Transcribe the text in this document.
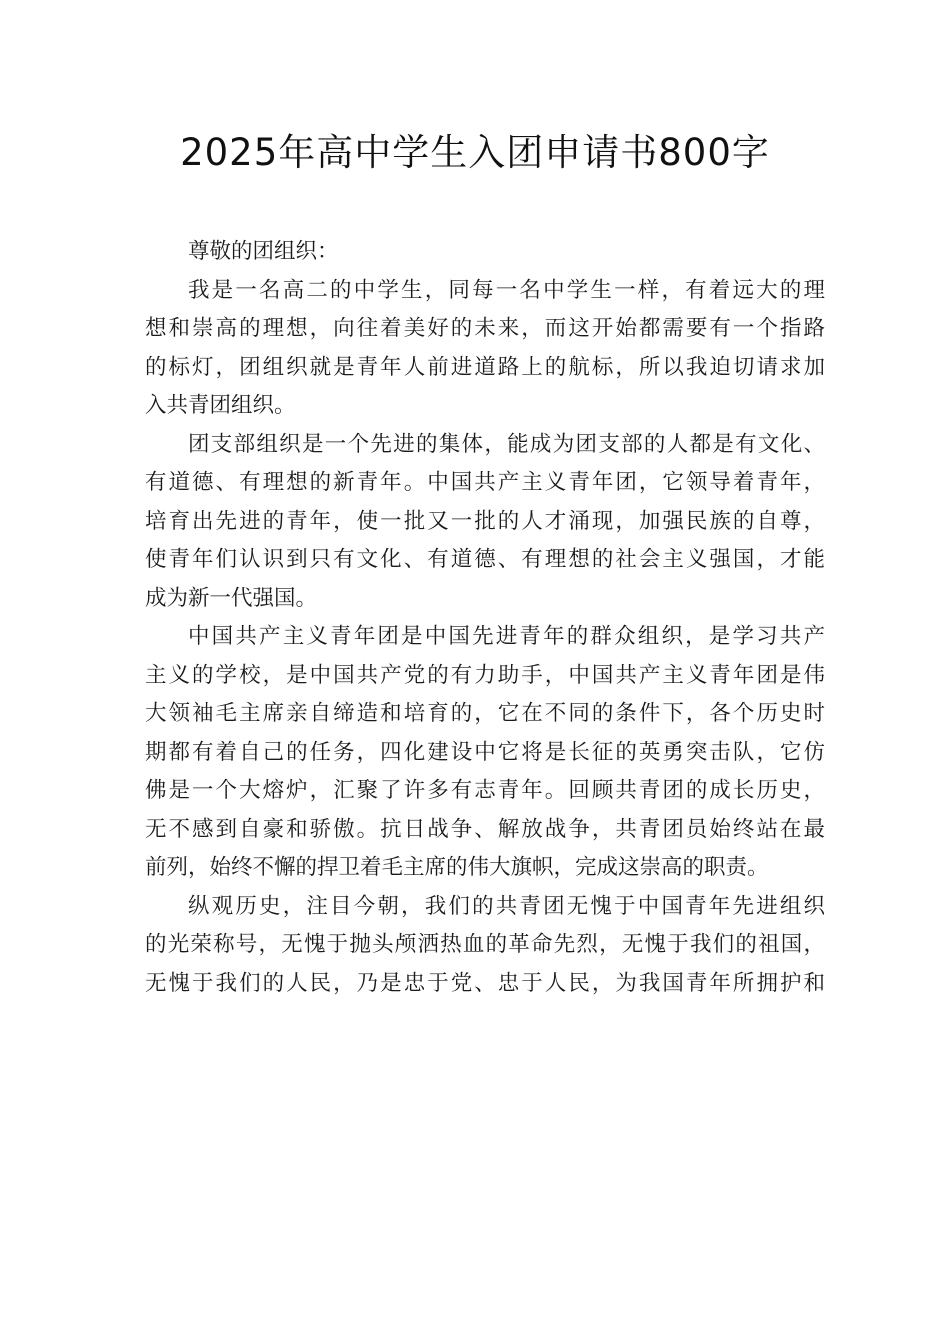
2025年高中学生入团申请书800字
尊敬的团组织：
我是一名高二的中学生，同每一名中学生一样，有着远大的理
想和崇高的理想，向往着美好的未来，而这开始都需要有一个指路
的标灯，团组织就是青年人前进道路上的航标，所以我迫切请求加
入共青团组织。
团支部组织是一个先进的集体，能成为团支部的人都是有文化、
有道德、有理想的新青年。中国共产主义青年团，它领导着青年，
培育出先进的青年，使一批又一批的人才涌现，加强民族的自尊，
使青年们认识到只有文化、有道德、有理想的社会主义强国，才能
成为新一代强国。
中国共产主义青年团是中国先进青年的群众组织，是学习共产
主义的学校，是中国共产党的有力助手，中国共产主义青年团是伟
大领袖毛主席亲自缔造和培育的，它在不同的条件下，各个历史时
期都有着自己的任务，四化建设中它将是长征的英勇突击队，它仿
佛是一个大熔炉，汇聚了许多有志青年。回顾共青团的成长历史，
无不感到自豪和骄傲。抗日战争、解放战争，共青团员始终站在最
前列，始终不懈的捍卫着毛主席的伟大旗帜，完成这崇高的职责。
纵观历史，注目今朝，我们的共青团无愧于中国青年先进组织
的光荣称号，无愧于抛头颅洒热血的革命先烈，无愧于我们的祖国，
无愧于我们的人民，乃是忠于党、忠于人民，为我国青年所拥护和
